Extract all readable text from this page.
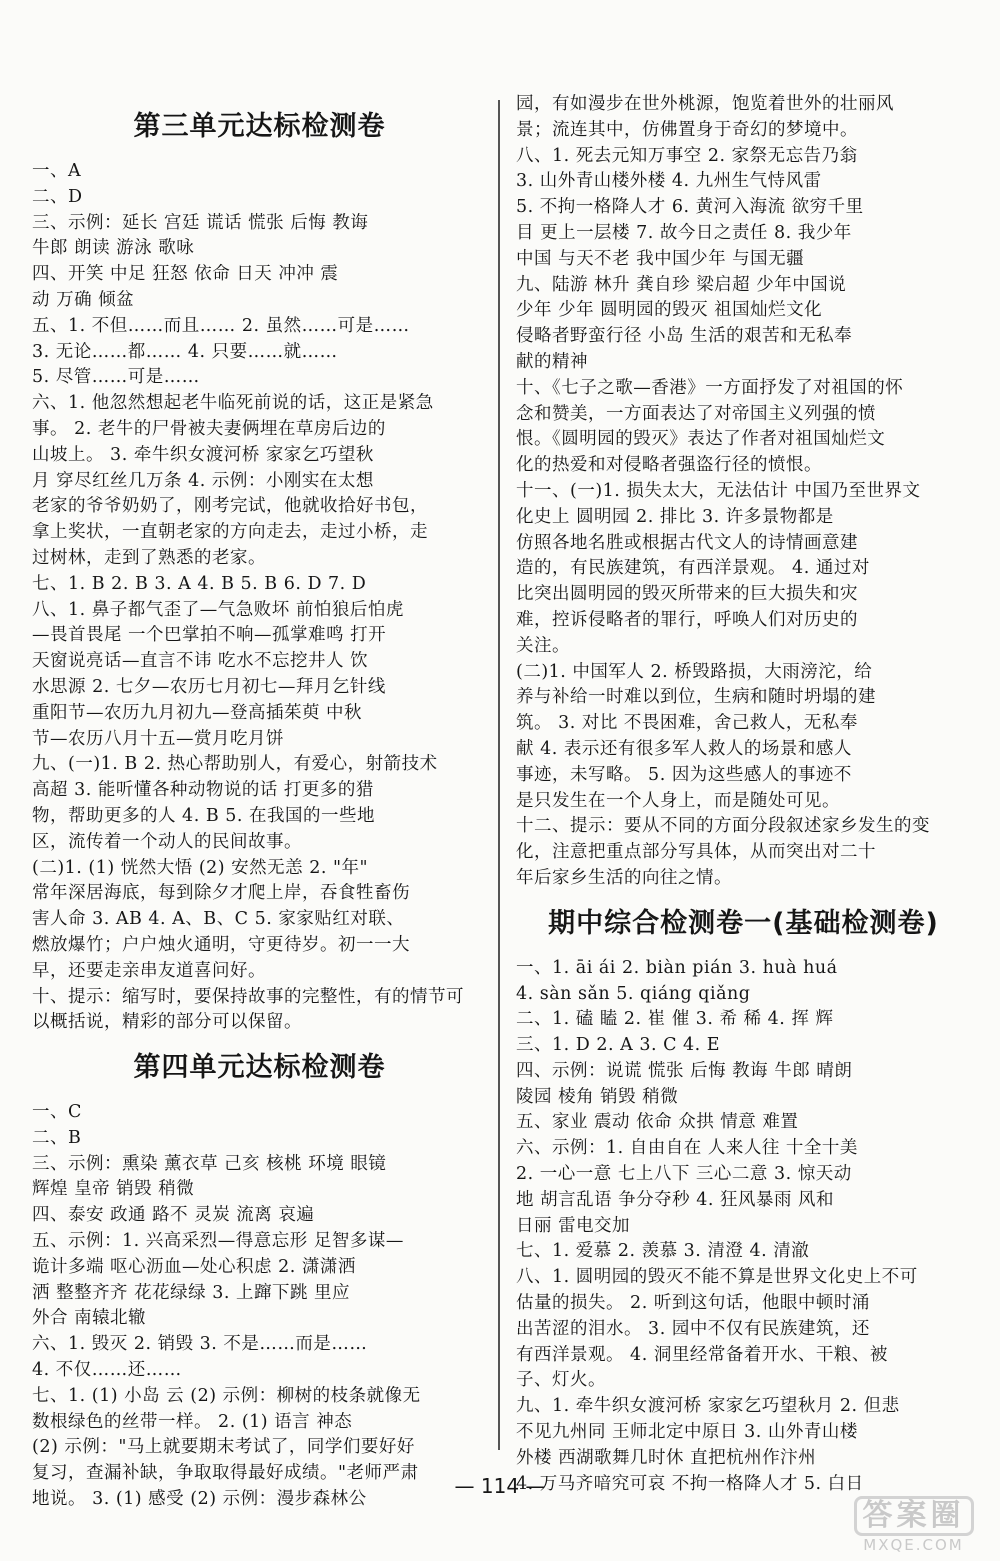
第三单元达标检测卷
一、A
二、D
三、示例：延长 宫廷 谎话 慌张 后悔 教诲
牛郎 朗读 游泳 歌咏
四、开笑 中足 狂怒 依命 日天 冲冲 震
动 万确 倾盆
五、1. 不但……而且…… 2. 虽然……可是……
3. 无论……都…… 4. 只要……就……
5. 尽管……可是……
六、1. 他忽然想起老牛临死前说的话，这正是紧急
事。 2. 老牛的尸骨被夫妻俩埋在草房后边的
山坡上。 3. 牵牛织女渡河桥 家家乞巧望秋
月 穿尽红丝几万条 4. 示例：小刚实在太想
老家的爷爷奶奶了，刚考完试，他就收拾好书包，
拿上奖状，一直朝老家的方向走去，走过小桥，走
过树林，走到了熟悉的老家。
七、1. B 2. B 3. A 4. B 5. B 6. D 7. D
八、1. 鼻子都气歪了—气急败坏 前怕狼后怕虎
—畏首畏尾 一个巴掌拍不响—孤掌难鸣 打开
天窗说亮话—直言不讳 吃水不忘挖井人 饮
水思源 2. 七夕—农历七月初七—拜月乞针线
重阳节—农历九月初九—登高插茱萸 中秋
节—农历八月十五—赏月吃月饼
九、(一)1. B 2. 热心帮助别人，有爱心，射箭技术
高超 3. 能听懂各种动物说的话 打更多的猎
物，帮助更多的人 4. B 5. 在我国的一些地
区，流传着一个动人的民间故事。
(二)1. (1) 恍然大悟 (2) 安然无恙 2. "年"
常年深居海底，每到除夕才爬上岸，吞食牲畜伤
害人命 3. AB 4. A、B、C 5. 家家贴红对联、
燃放爆竹；户户烛火通明，守更待岁。初一一大
早，还要走亲串友道喜问好。
十、提示：缩写时，要保持故事的完整性，有的情节可
以概括说，精彩的部分可以保留。
第四单元达标检测卷
一、C
二、B
三、示例：熏染 薰衣草 己亥 核桃 环境 眼镜
辉煌 皇帝 销毁 稍微
四、泰安 政通 路不 灵炭 流离 哀遍
五、示例：1. 兴高采烈—得意忘形 足智多谋—
诡计多端 呕心沥血—处心积虑 2. 潇潇洒
洒 整整齐齐 花花绿绿 3. 上蹿下跳 里应
外合 南辕北辙
六、1. 毁灭 2. 销毁 3. 不是……而是……
4. 不仅……还……
七、1. (1) 小岛 云 (2) 示例：柳树的枝条就像无
数根绿色的丝带一样。 2. (1) 语言 神态
(2) 示例："马上就要期末考试了，同学们要好好
复习，查漏补缺，争取取得最好成绩。"老师严肃
地说。 3. (1) 感受 (2) 示例：漫步森林公
园，有如漫步在世外桃源，饱览着世外的壮丽风
景；流连其中，仿佛置身于奇幻的梦境中。
八、1. 死去元知万事空 2. 家祭无忘告乃翁
3. 山外青山楼外楼 4. 九州生气恃风雷
5. 不拘一格降人才 6. 黄河入海流 欲穷千里
目 更上一层楼 7. 故今日之责任 8. 我少年
中国 与天不老 我中国少年 与国无疆
九、陆游 林升 龚自珍 梁启超 少年中国说
少年 少年 圆明园的毁灭 祖国灿烂文化
侵略者野蛮行径 小岛 生活的艰苦和无私奉
献的精神
十、《七子之歌—香港》一方面抒发了对祖国的怀
念和赞美，一方面表达了对帝国主义列强的愤
恨。《圆明园的毁灭》表达了作者对祖国灿烂文
化的热爱和对侵略者强盗行径的愤恨。
十一、(一)1. 损失太大，无法估计 中国乃至世界文
化史上 圆明园 2. 排比 3. 许多景物都是
仿照各地名胜或根据古代文人的诗情画意建
造的，有民族建筑，有西洋景观。 4. 通过对
比突出圆明园的毁灭所带来的巨大损失和灾
难，控诉侵略者的罪行，呼唤人们对历史的
关注。
(二)1. 中国军人 2. 桥毁路损，大雨滂沱，给
养与补给一时难以到位，生病和随时坍塌的建
筑。 3. 对比 不畏困难，舍己救人，无私奉
献 4. 表示还有很多军人救人的场景和感人
事迹，未写略。 5. 因为这些感人的事迹不
是只发生在一个人身上，而是随处可见。
十二、提示：要从不同的方面分段叙述家乡发生的变
化，注意把重点部分写具体，从而突出对二十
年后家乡生活的向往之情。
期中综合检测卷一(基础检测卷)
一、1. āi ái 2. biàn pián 3. huà huá
4. sàn sǎn 5. qiáng qiǎng
二、1. 磕 瞌 2. 崔 催 3. 希 稀 4. 挥 辉
三、1. D 2. A 3. C 4. E
四、示例：说谎 慌张 后悔 教诲 牛郎 晴朗
陵园 棱角 销毁 稍微
五、家业 震动 依命 众拱 情意 难置
六、示例：1. 自由自在 人来人往 十全十美
2. 一心一意 七上八下 三心二意 3. 惊天动
地 胡言乱语 争分夺秒 4. 狂风暴雨 风和
日丽 雷电交加
七、1. 爱慕 2. 羡慕 3. 清澄 4. 清澈
八、1. 圆明园的毁灭不能不算是世界文化史上不可
估量的损失。 2. 听到这句话，他眼中顿时涌
出苦涩的泪水。 3. 园中不仅有民族建筑，还
有西洋景观。 4. 洞里经常备着开水、干粮、被
子、灯火。
九、1. 牵牛织女渡河桥 家家乞巧望秋月 2. 但悲
不见九州同 王师北定中原日 3. 山外青山楼
外楼 西湖歌舞几时休 直把杭州作汴州
4. 万马齐喑究可哀 不拘一格降人才 5. 白日
— 114 —
答案圈
MXQE.COM
